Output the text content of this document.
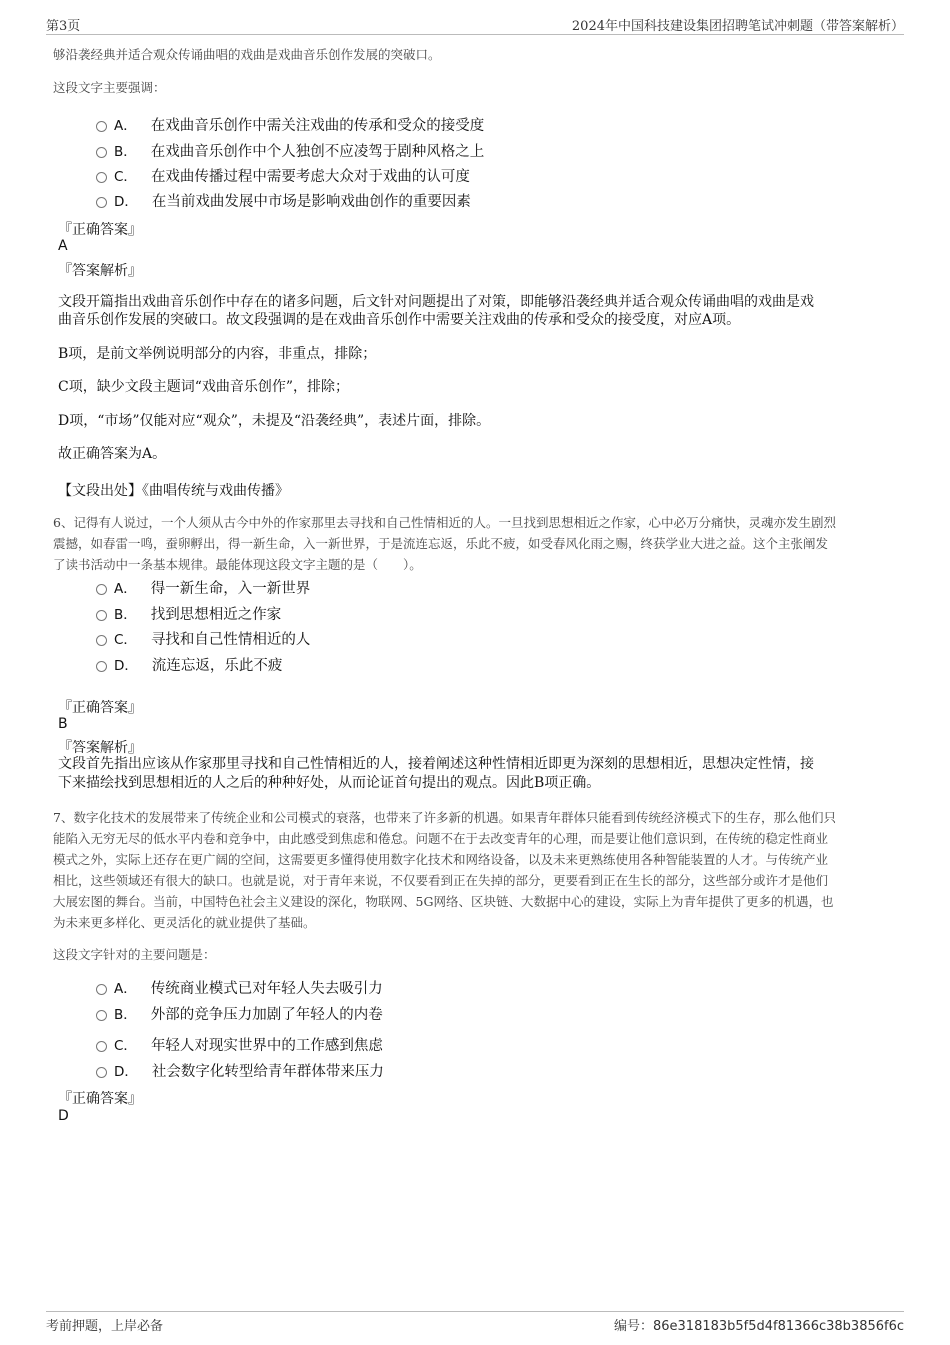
第3页	2024年中国科技建设集团招聘笔试冲刺题（带答案解析）
够沿袭经典并适合观众传诵曲唱的戏曲是戏曲音乐创作发展的突破口。
这段文字主要强调：
A． 在戏曲音乐创作中需关注戏曲的传承和受众的接受度
B． 在戏曲音乐创作中个人独创不应凌驾于剧种风格之上
C． 在戏曲传播过程中需要考虑大众对于戏曲的认可度
D． 在当前戏曲发展中市场是影响戏曲创作的重要因素
『正确答案』
A
『答案解析』
文段开篇指出戏曲音乐创作中存在的诸多问题，后文针对问题提出了对策，即能够沿袭经典并适合观众传诵曲唱的戏曲是戏
曲音乐创作发展的突破口。故文段强调的是在戏曲音乐创作中需要关注戏曲的传承和受众的接受度，对应A项。
B项，是前文举例说明部分的内容，非重点，排除；
C项，缺少文段主题词“戏曲音乐创作”，排除；
D项，“市场”仅能对应“观众”，未提及“沿袭经典”，表述片面，排除。
故正确答案为A。
【文段出处】《曲唱传统与戏曲传播》
6、记得有人说过，一个人须从古今中外的作家那里去寻找和自己性情相近的人。一旦找到思想相近之作家，心中必万分痛快，灵魂亦发生剧烈
震撼，如春雷一鸣，蚕卵孵出，得一新生命，入一新世界，于是流连忘返，乐此不疲，如受春风化雨之赐，终获学业大进之益。这个主张阐发
了读书活动中一条基本规律。最能体现这段文字主题的是（　　）。
A． 得一新生命，入一新世界
B． 找到思想相近之作家
C． 寻找和自己性情相近的人
D． 流连忘返，乐此不疲
『正确答案』
B
『答案解析』
文段首先指出应该从作家那里寻找和自己性情相近的人，接着阐述这种性情相近即更为深刻的思想相近，思想决定性情，接
下来描绘找到思想相近的人之后的种种好处，从而论证首句提出的观点。因此B项正确。
7、数字化技术的发展带来了传统企业和公司模式的衰落，也带来了许多新的机遇。如果青年群体只能看到传统经济模式下的生存，那么他们只
能陷入无穷无尽的低水平内卷和竞争中，由此感受到焦虑和倦怠。问题不在于去改变青年的心理，而是要让他们意识到，在传统的稳定性商业
模式之外，实际上还存在更广阔的空间，这需要更多懂得使用数字化技术和网络设备，以及未来更熟练使用各种智能装置的人才。与传统产业
相比，这些领域还有很大的缺口。也就是说，对于青年来说，不仅要看到正在失掉的部分，更要看到正在生长的部分，这些部分或许才是他们
大展宏图的舞台。当前，中国特色社会主义建设的深化，物联网、5G网络、区块链、大数据中心的建设，实际上为青年提供了更多的机遇，也
为未来更多样化、更灵活化的就业提供了基础。
这段文字针对的主要问题是：
A． 传统商业模式已对年轻人失去吸引力
B． 外部的竞争压力加剧了年轻人的内卷
C． 年轻人对现实世界中的工作感到焦虑
D． 社会数字化转型给青年群体带来压力
『正确答案』
D
考前押题，上岸必备	编号：86e318183b5f5d4f81366c38b3856f6c
